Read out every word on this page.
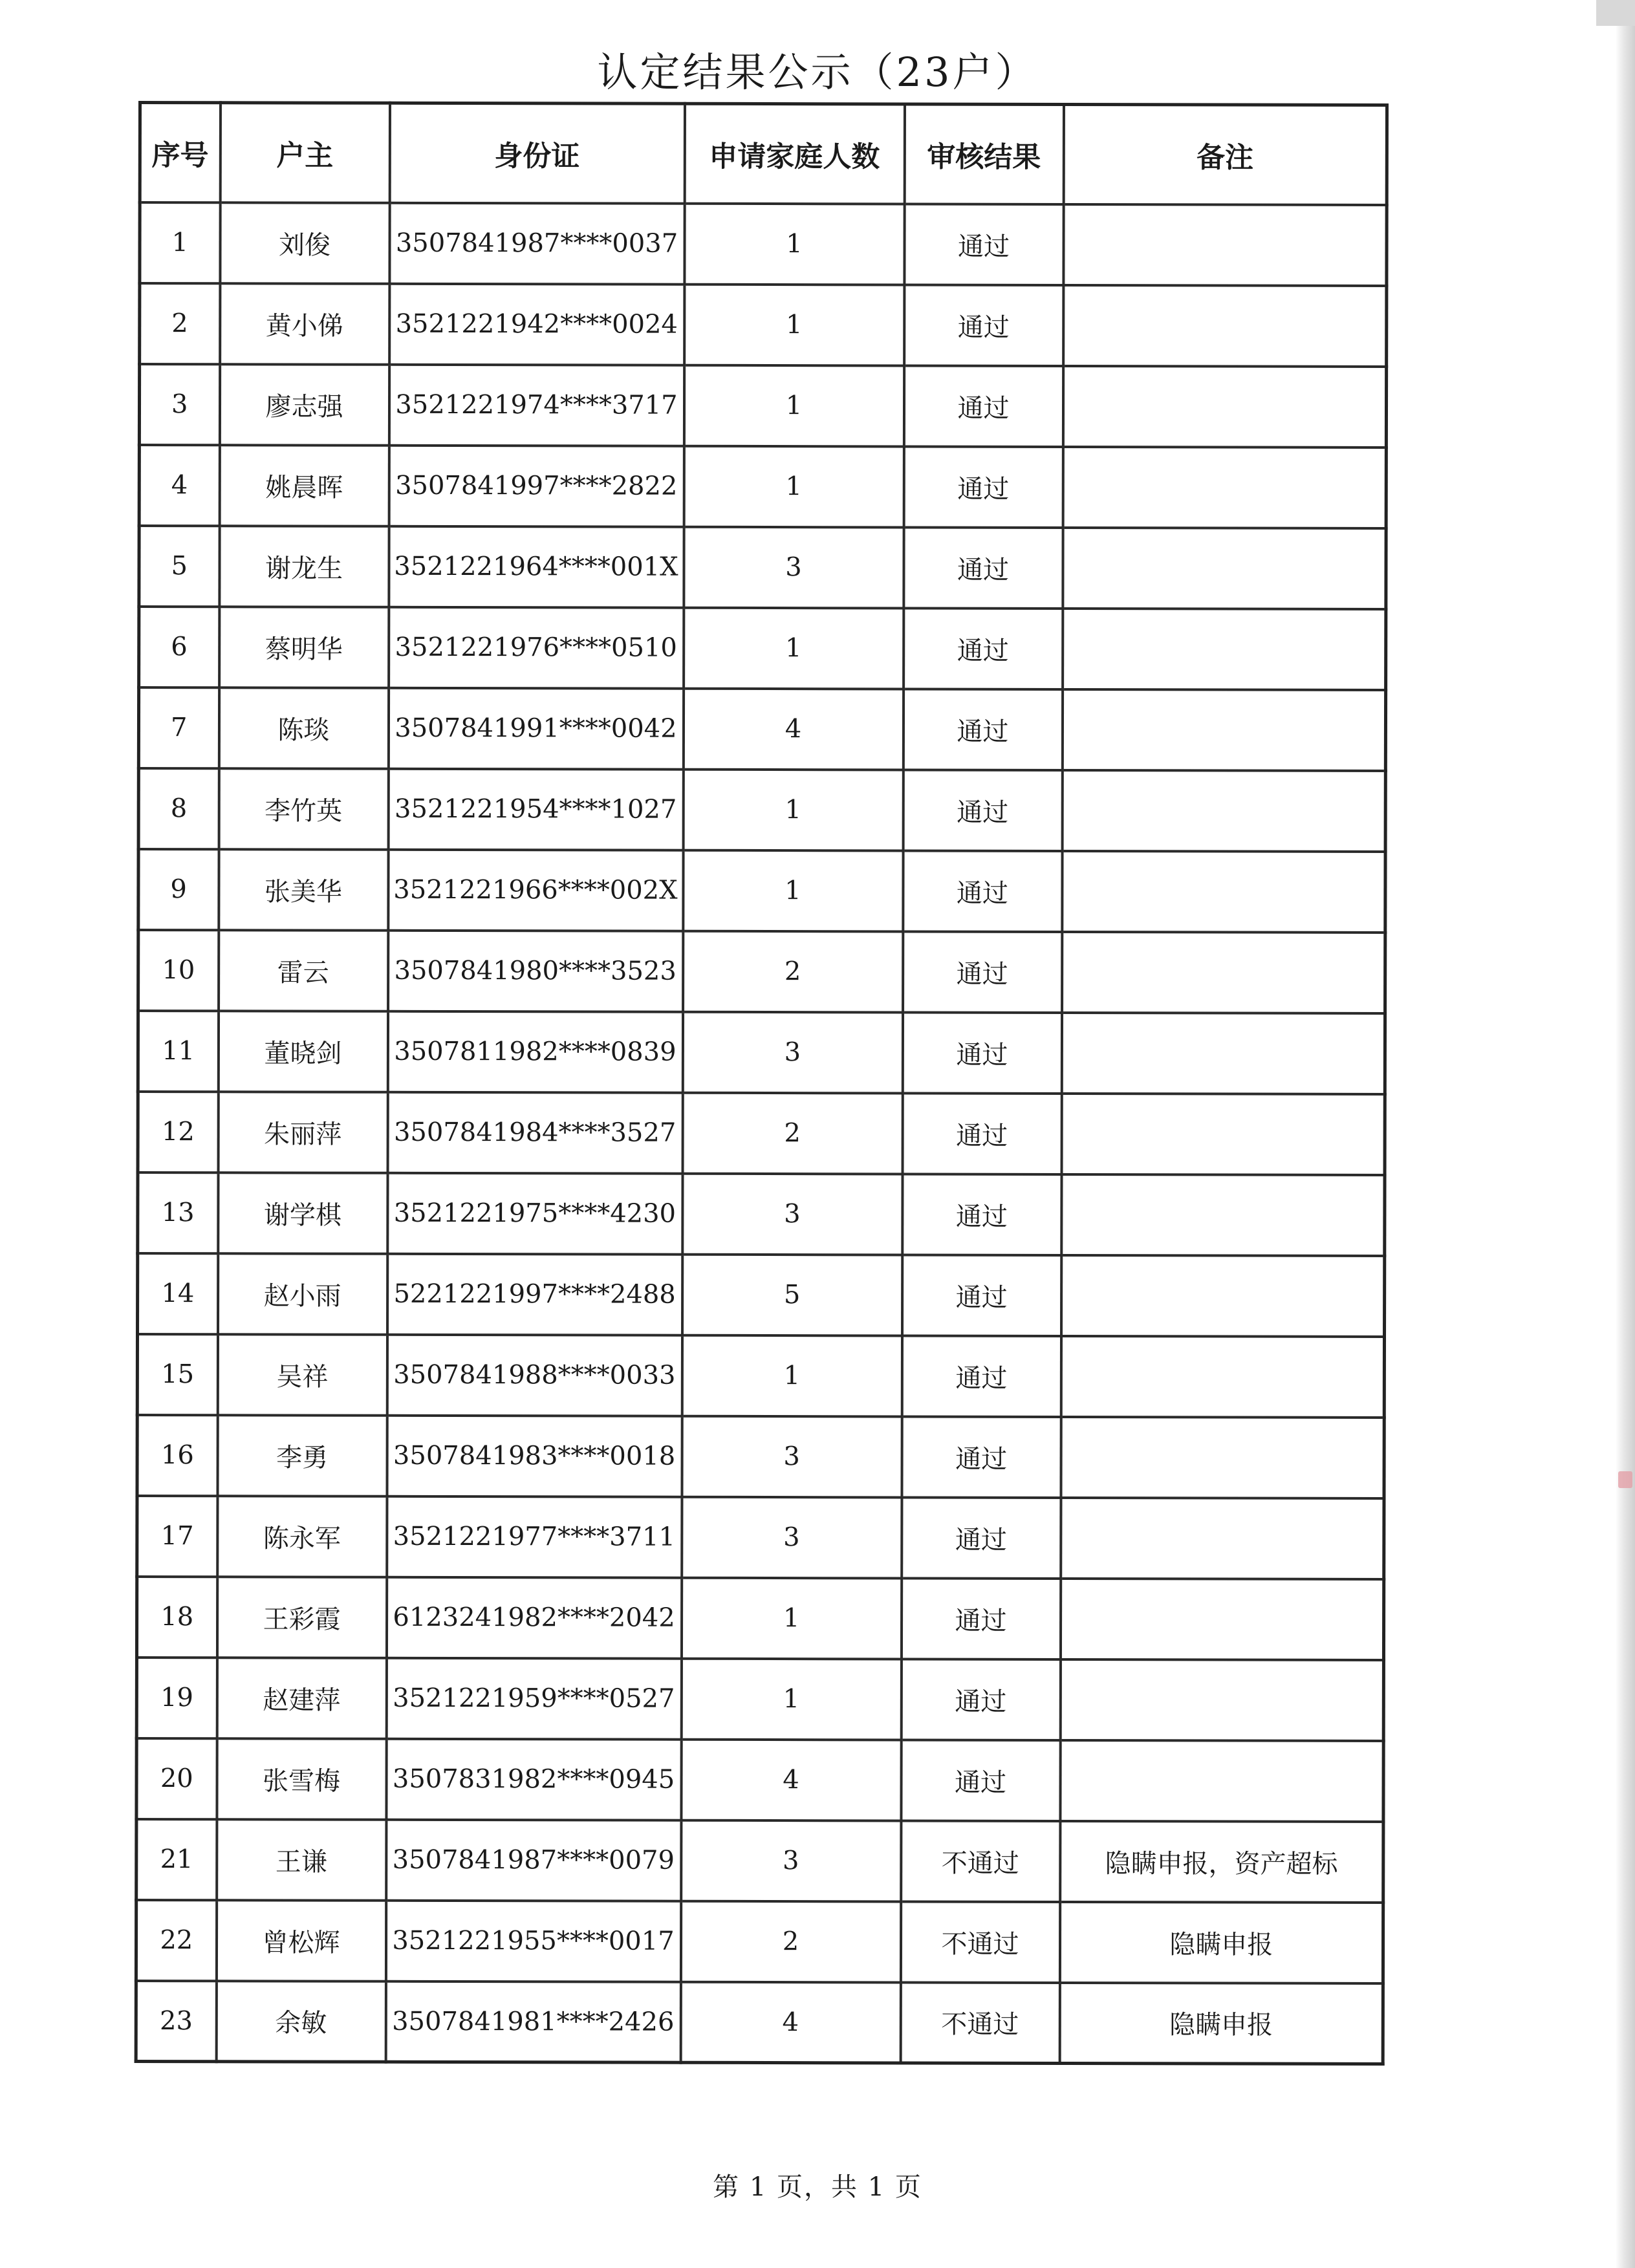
认定结果公示（23户）
序号	户主	身份证	申请家庭人数	审核结果	备注
1	刘俊	3507841987****0037	1	通过	
2	黄小俤	3521221942****0024	1	通过	
3	廖志强	3521221974****3717	1	通过	
4	姚晨晖	3507841997****2822	1	通过	
5	谢龙生	3521221964****001X	3	通过	
6	蔡明华	3521221976****0510	1	通过	
7	陈琰	3507841991****0042	4	通过	
8	李竹英	3521221954****1027	1	通过	
9	张美华	3521221966****002X	1	通过	
10	雷云	3507841980****3523	2	通过	
11	董晓剑	3507811982****0839	3	通过	
12	朱丽萍	3507841984****3527	2	通过	
13	谢学棋	3521221975****4230	3	通过	
14	赵小雨	5221221997****2488	5	通过	
15	吴祥	3507841988****0033	1	通过	
16	李勇	3507841983****0018	3	通过	
17	陈永军	3521221977****3711	3	通过	
18	王彩霞	6123241982****2042	1	通过	
19	赵建萍	3521221959****0527	1	通过	
20	张雪梅	3507831982****0945	4	通过	
21	王谦	3507841987****0079	3	不通过	隐瞒申报，资产超标
22	曾松辉	3521221955****0017	2	不通过	隐瞒申报
23	余敏	3507841981****2426	4	不通过	隐瞒申报
第 1 页，共 1 页
